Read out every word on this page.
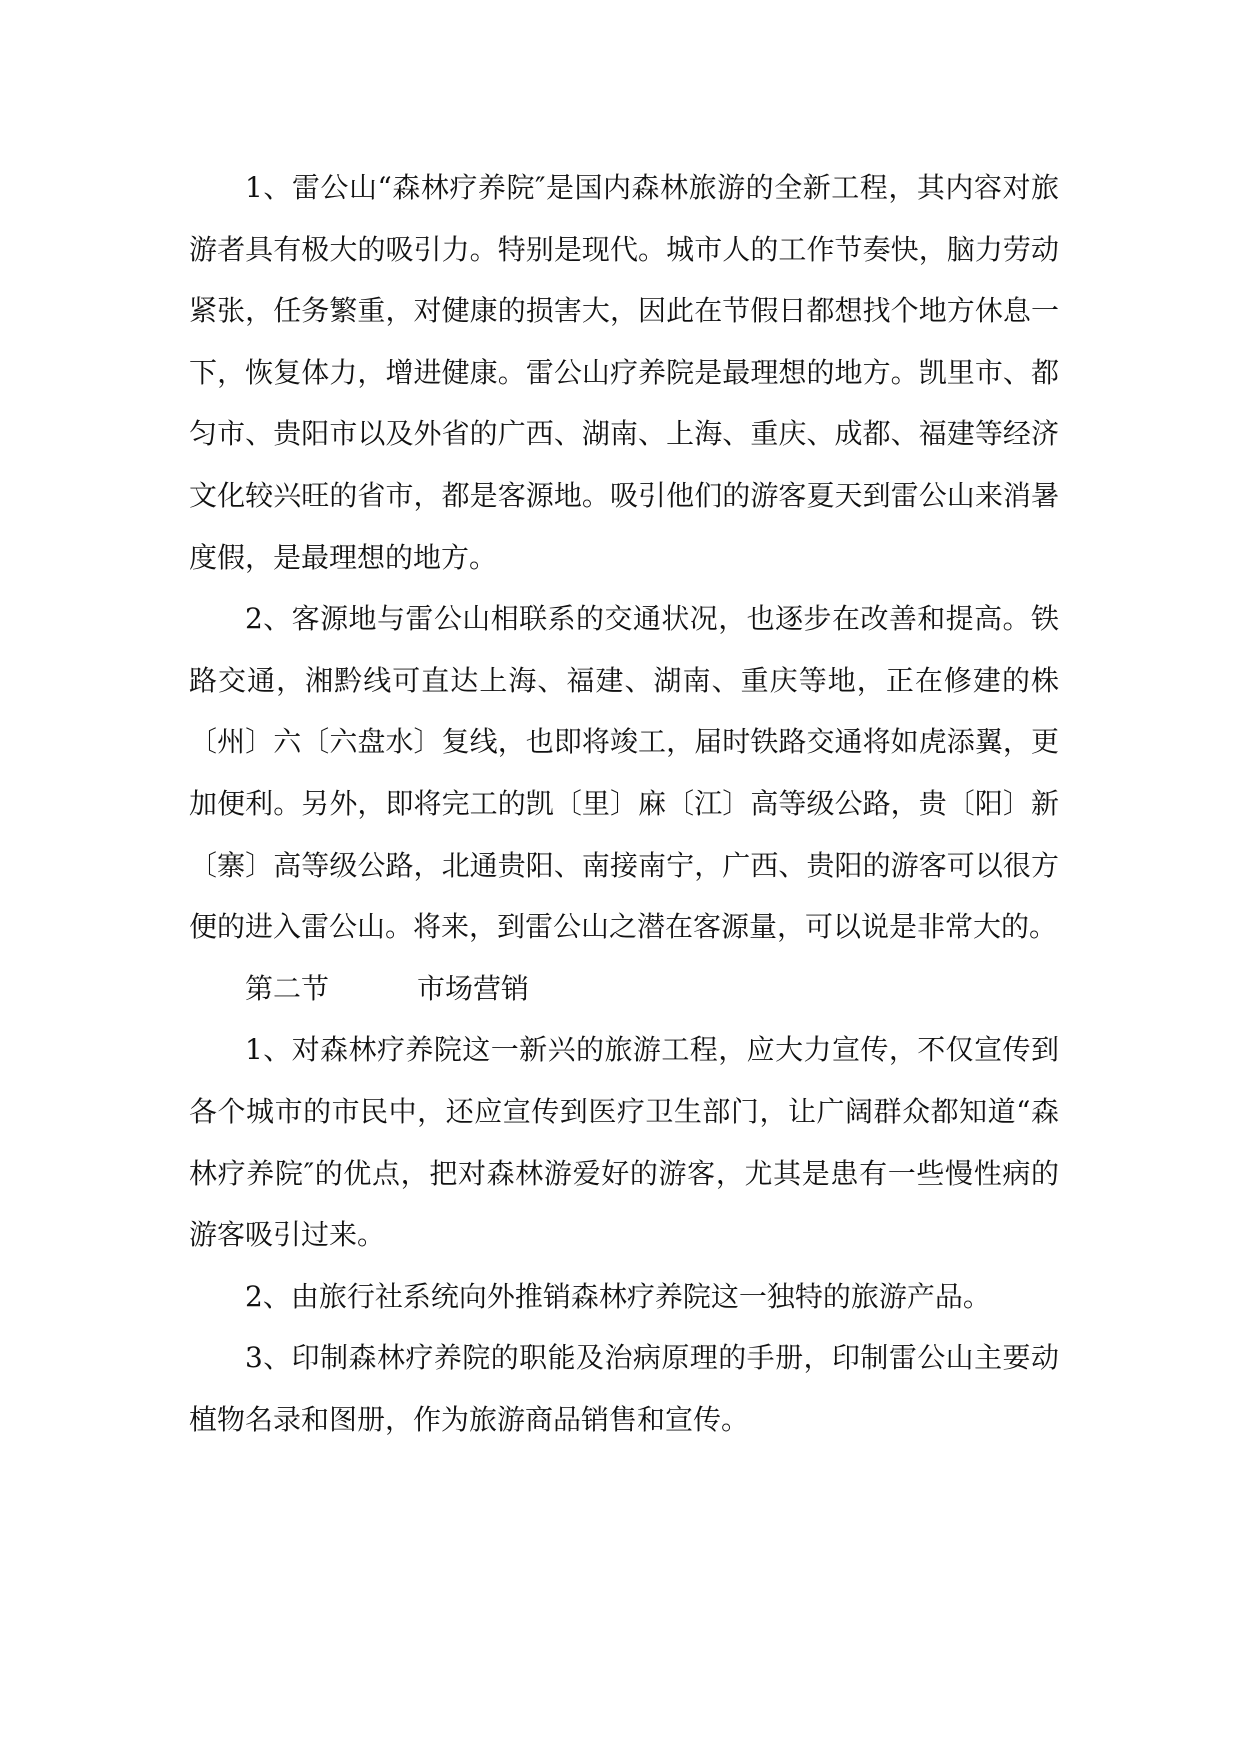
1、雷公山“森林疗养院″是国内森林旅游的全新工程，其内容对旅游者具有极大的吸引力。特别是现代。城市人的工作节奏快，脑力劳动紧张，任务繁重，对健康的损害大，因此在节假日都想找个地方休息一下，恢复体力，增进健康。雷公山疗养院是最理想的地方。凯里市、都匀市、贵阳市以及外省的广西、湖南、上海、重庆、成都、福建等经济文化较兴旺的省市，都是客源地。吸引他们的游客夏天到雷公山来消暑度假，是最理想的地方。

2、客源地与雷公山相联系的交通状况，也逐步在改善和提高。铁路交通，湘黔线可直达上海、福建、湖南、重庆等地，正在修建的株〔州〕六〔六盘水〕复线，也即将竣工，届时铁路交通将如虎添翼，更加便利。另外，即将完工的凯〔里〕麻〔江〕高等级公路，贵〔阳〕新〔寨〕高等级公路，北通贵阳、南接南宁，广西、贵阳的游客可以很方便的进入雷公山。将来，到雷公山之潜在客源量，可以说是非常大的。

第二节	市场营销

1、对森林疗养院这一新兴的旅游工程，应大力宣传，不仅宣传到各个城市的市民中，还应宣传到医疗卫生部门，让广阔群众都知道“森林疗养院″的优点，把对森林游爱好的游客，尤其是患有一些慢性病的游客吸引过来。

2、由旅行社系统向外推销森林疗养院这一独特的旅游产品。

3、印制森林疗养院的职能及治病原理的手册，印制雷公山主要动植物名录和图册，作为旅游商品销售和宣传。
